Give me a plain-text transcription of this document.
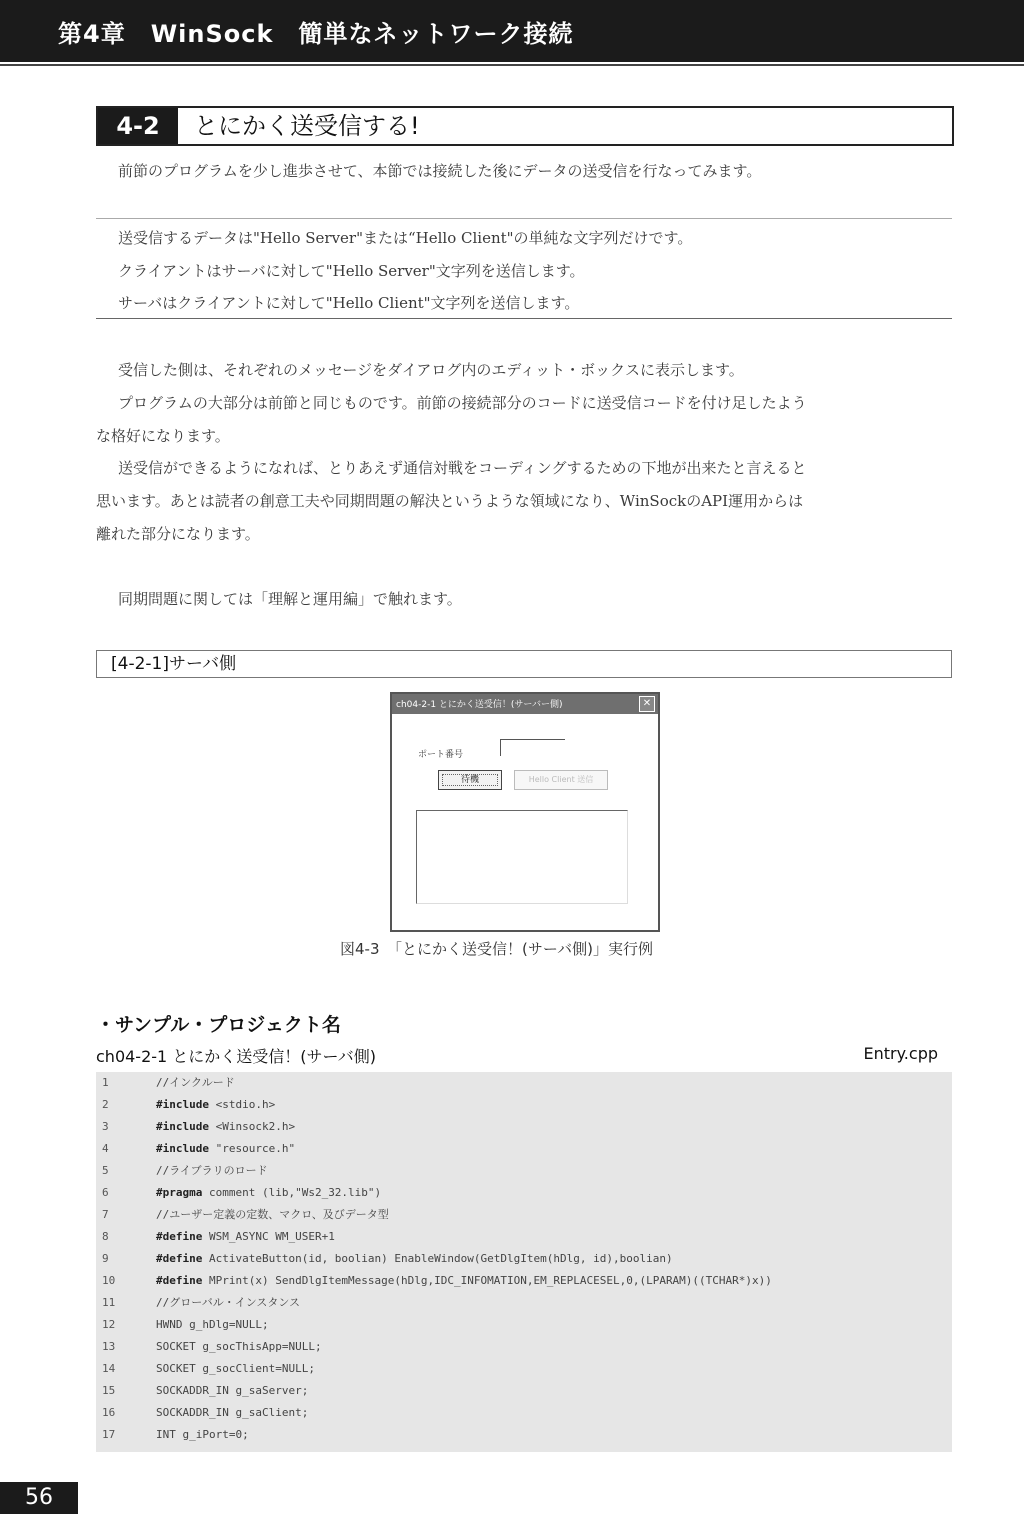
第4章　WinSock　簡単なネットワーク接続
4-2	とにかく送受信する!
前節のプログラムを少し進歩させて、本節では接続した後にデータの送受信を行なってみます。
送受信するデータは"Hello Server"または“Hello Client"の単純な文字列だけです。
クライアントはサーバに対して"Hello Server"文字列を送信します。
サーバはクライアントに対して"Hello Client"文字列を送信します。
受信した側は、それぞれのメッセージをダイアログ内のエディット・ボックスに表示します。
プログラムの大部分は前節と同じものです。前節の接続部分のコードに送受信コードを付け足したよう
な格好になります。
送受信ができるようになれば、とりあえず通信対戦をコーディングするための下地が出来たと言えると
思います。あとは読者の創意工夫や同期問題の解決というような領域になり、WinSockのAPI運用からは
離れた部分になります。
同期問題に関しては「理解と運用編」で触れます。
[4-2-1]サーバ側
ch04-2-1 とにかく送受信！(サーバー側)	✕
ポート番号
待機	Hello Client 送信
図4-3　「とにかく送受信！(サーバ側)」実行例
・サンプル・プロジェクト名
ch04-2-1 とにかく送受信！(サーバ側)	Entry.cpp
1	//インクルード
2	#include <stdio.h>
3	#include <Winsock2.h>
4	#include "resource.h"
5	//ライブラリのロード
6	#pragma comment (lib,"Ws2_32.lib")
7	//ユーザー定義の定数、マクロ、及びデータ型
8	#define WSM_ASYNC WM_USER+1
9	#define ActivateButton(id, boolian) EnableWindow(GetDlgItem(hDlg, id),boolian)
10	#define MPrint(x) SendDlgItemMessage(hDlg,IDC_INFOMATION,EM_REPLACESEL,0,(LPARAM)((TCHAR*)x))
11	//グローバル・インスタンス
12	HWND g_hDlg=NULL;
13	SOCKET g_socThisApp=NULL;
14	SOCKET g_socClient=NULL;
15	SOCKADDR_IN g_saServer;
16	SOCKADDR_IN g_saClient;
17	INT g_iPort=0;
56
